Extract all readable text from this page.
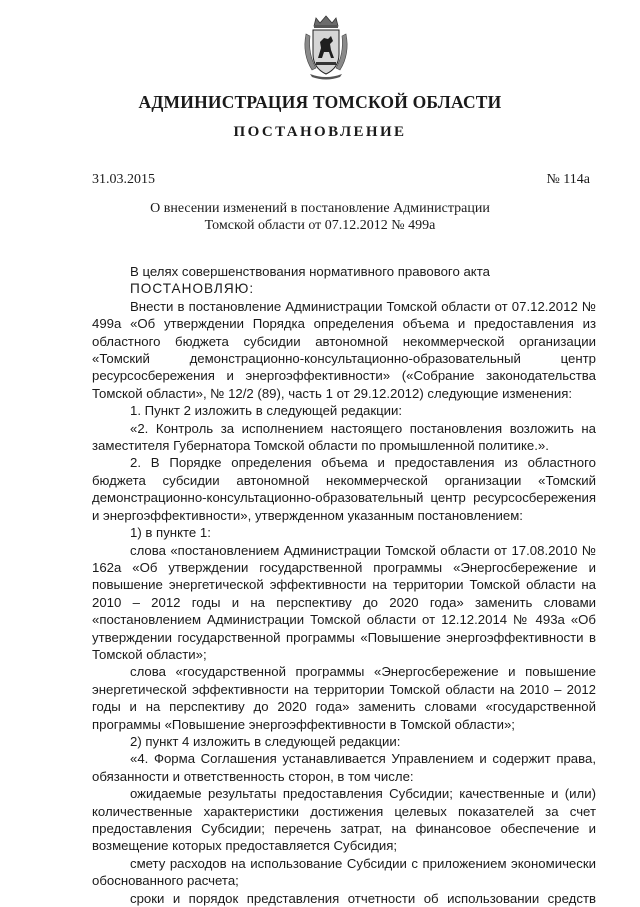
АДМИНИСТРАЦИЯ ТОМСКОЙ ОБЛАСТИ
ПОСТАНОВЛЕНИЕ
31.03.2015	№ 114а
О внесении изменений в постановление Администрации
Томской области от 07.12.2012 № 499а

В целях совершенствования нормативного правового акта

ПОСТАНОВЛЯЮ:

Внести в постановление Администрации Томской области от 07.12.2012 № 499а «Об утверждении Порядка определения объема и предоставления из областного бюджета субсидии автономной некоммерческой организации «Томский демонстрационно-консультационно-образовательный центр ресурсосбережения и энергоэффективности» («Собрание законодательства Томской области», № 12/2 (89), часть 1 от 29.12.2012) следующие изменения:

1. Пункт 2 изложить в следующей редакции:

«2. Контроль за исполнением настоящего постановления возложить на заместителя Губернатора Томской области по промышленной политике.».

2. В Порядке определения объема и предоставления из областного бюджета субсидии автономной некоммерческой организации «Томский демонстрационно-консультационно-образовательный центр ресурсосбережения и энергоэффективности», утвержденном указанным постановлением:

1) в пункте 1:

слова «постановлением Администрации Томской области от 17.08.2010 № 162а «Об утверждении государственной программы «Энергосбережение и повышение энергетической эффективности на территории Томской области на 2010 – 2012 годы и на перспективу до 2020 года» заменить словами «постановлением Администрации Томской области от 12.12.2014 № 493а «Об утверждении государственной программы «Повышение энергоэффективности в Томской области»;

слова «государственной программы «Энергосбережение и повышение энергетической эффективности на территории Томской области на 2010 – 2012 годы и на перспективу до 2020 года» заменить словами «государственной программы «Повышение энергоэффективности в Томской области»;

2) пункт 4 изложить в следующей редакции:

«4. Форма Соглашения устанавливается Управлением и содержит права, обязанности и ответственность сторон, в том числе:

ожидаемые результаты предоставления Субсидии; качественные и (или) количественные характеристики достижения целевых показателей за счет предоставления Субсидии; перечень затрат, на финансовое обеспечение и возмещение которых предоставляется Субсидия;

смету расходов на использование Субсидии с приложением экономически обоснованного расчета;

сроки и порядок представления отчетности об использовании средств
